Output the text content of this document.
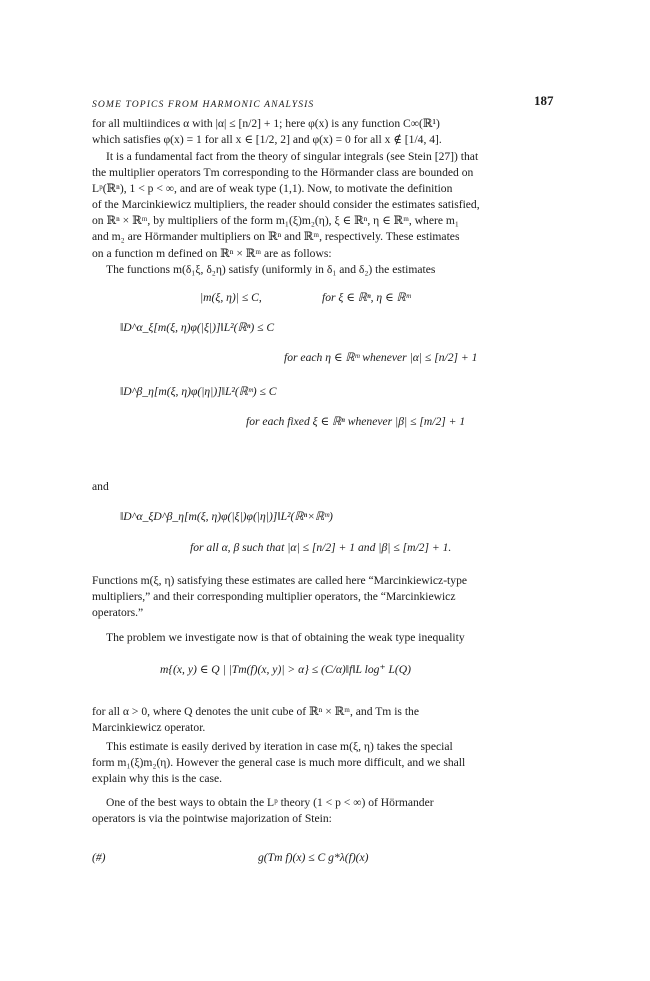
SOME TOPICS FROM HARMONIC ANALYSIS	187
for all multiindices α with |α| ≤ [n/2] + 1; here φ(x) is any function C∞(ℝ¹)
which satisfies φ(x) = 1 for all x ∈ [1/2, 2] and φ(x) = 0 for all x ∉ [1/4, 4].
It is a fundamental fact from the theory of singular integrals (see Stein [27]) that
the multiplier operators Tm corresponding to the Hörmander class are bounded on
Lᵖ(ℝⁿ), 1 < p < ∞, and are of weak type (1,1). Now, to motivate the definition
of the Marcinkiewicz multipliers, the reader should consider the estimates satisfied,
on ℝⁿ × ℝᵐ, by multipliers of the form m₁(ξ)m₂(η), ξ ∈ ℝⁿ, η ∈ ℝᵐ, where m₁
and m₂ are Hörmander multipliers on ℝⁿ and ℝᵐ, respectively. These estimates
on a function m defined on ℝⁿ × ℝᵐ are as follows:
The functions m(δ₁ξ, δ₂η) satisfy (uniformly in δ₁ and δ₂) the estimates
|m(ξ, η)| ≤ C,	for ξ ∈ ℝⁿ, η ∈ ℝᵐ
‖D^α_ξ[m(ξ, η)φ(|ξ|)]‖L²(ℝⁿ) ≤ C
for each η ∈ ℝᵐ whenever |α| ≤ [n/2] + 1
‖D^β_η[m(ξ, η)φ(|η|)]‖L²(ℝᵐ) ≤ C
for each fixed ξ ∈ ℝⁿ whenever |β| ≤ [m/2] + 1
and
‖D^α_ξD^β_η[m(ξ, η)φ(|ξ|)φ(|η|)]‖L²(ℝⁿ×ℝᵐ)
for all α, β such that |α| ≤ [n/2] + 1 and |β| ≤ [m/2] + 1.
Functions m(ξ, η) satisfying these estimates are called here “Marcinkiewicz-type
multipliers,” and their corresponding multiplier operators, the “Marcinkiewicz
operators.”
The problem we investigate now is that of obtaining the weak type inequality
m{(x, y) ∈ Q | |Tm(f)(x, y)| > α} ≤ (C/α)‖f‖L log⁺ L(Q)
for all α > 0, where Q denotes the unit cube of ℝⁿ × ℝᵐ, and Tm is the
Marcinkiewicz operator.
This estimate is easily derived by iteration in case m(ξ, η) takes the special
form m₁(ξ)m₂(η). However the general case is much more difficult, and we shall
explain why this is the case.
One of the best ways to obtain the Lᵖ theory (1 < p < ∞) of Hörmander
operators is via the pointwise majorization of Stein:
(#)	g(Tm f)(x) ≤ C g*λ(f)(x)
